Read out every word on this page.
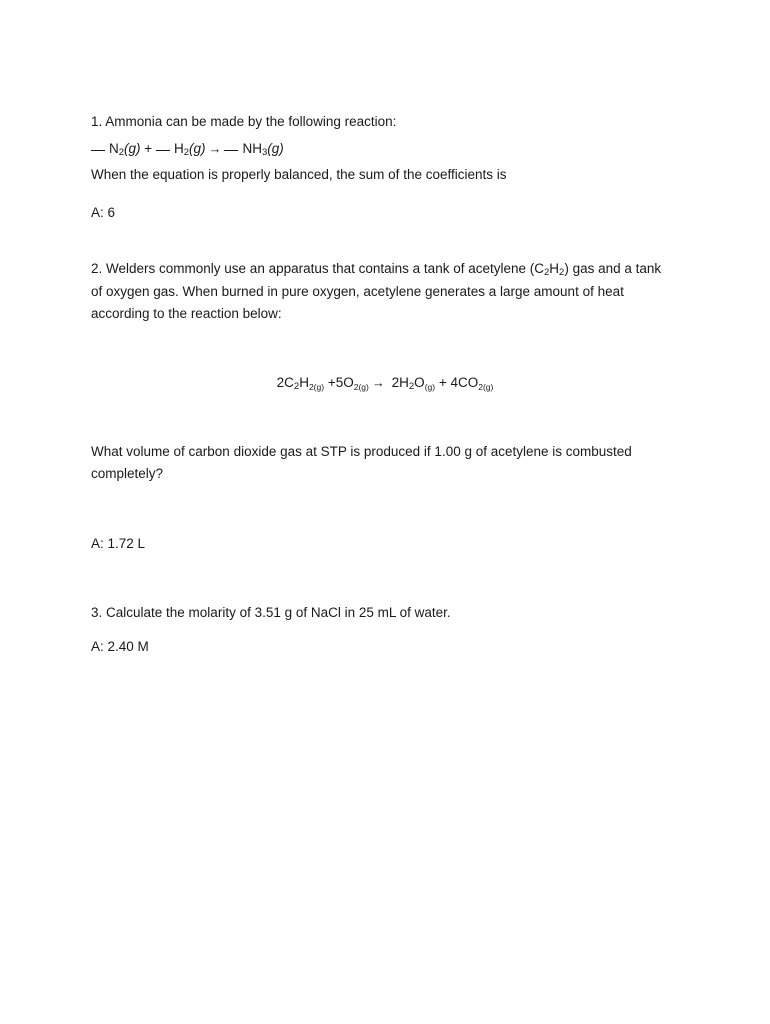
1. Ammonia can be made by the following reaction:
$N_2(g) + H_2(g) \to NH_3(g)$
When the equation is properly balanced, the sum of the coefficients is
A: 6
2. Welders commonly use an apparatus that contains a tank of acetylene $(C_2H_2)$ gas and a tank
of oxygen gas. When burned in pure oxygen, acetylene generates a large amount of heat
according to the reaction below:
$2C_2H_{2(g)} +5O_{2(g)} \to 2H_2O_{(g)} + 4CO_{2(g)}$
What volume of carbon dioxide gas at STP is produced if 1.00 g of acetylene is combusted
completely?
A: 1.72 L
3. Calculate the molarity of 3.51 g of NaCl in 25 mL of water.
A: 2.40 M
